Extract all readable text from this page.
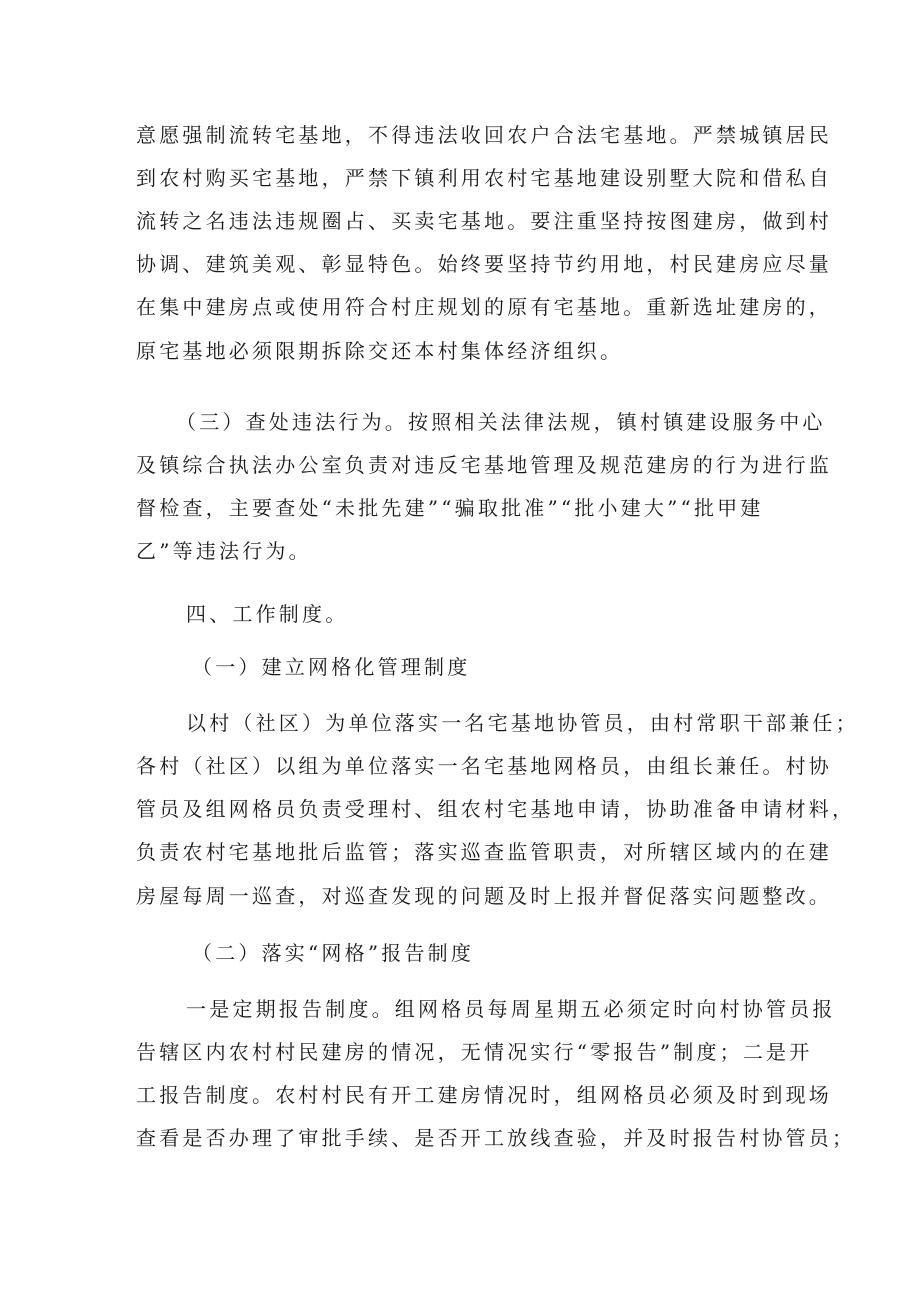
意愿强制流转宅基地，不得违法收回农户合法宅基地。严禁城镇居民
到农村购买宅基地，严禁下镇利用农村宅基地建设别墅大院和借私自
流转之名违法违规圈占、买卖宅基地。要注重坚持按图建房，做到村
协调、建筑美观、彰显特色。始终要坚持节约用地，村民建房应尽量
在集中建房点或使用符合村庄规划的原有宅基地。重新选址建房的，
原宅基地必须限期拆除交还本村集体经济组织。
（三）查处违法行为。按照相关法律法规，镇村镇建设服务中心
及镇综合执法办公室负责对违反宅基地管理及规范建房的行为进行监
督检查，主要查处“未批先建”“骗取批准”“批小建大”“批甲建
乙”等违法行为。
四、工作制度。
（一）建立网格化管理制度
以村（社区）为单位落实一名宅基地协管员，由村常职干部兼任；
各村（社区）以组为单位落实一名宅基地网格员，由组长兼任。村协
管员及组网格员负责受理村、组农村宅基地申请，协助准备申请材料，
负责农村宅基地批后监管；落实巡查监管职责，对所辖区域内的在建
房屋每周一巡查，对巡查发现的问题及时上报并督促落实问题整改。
（二）落实“网格”报告制度
一是定期报告制度。组网格员每周星期五必须定时向村协管员报
告辖区内农村村民建房的情况，无情况实行“零报告”制度；二是开
工报告制度。农村村民有开工建房情况时，组网格员必须及时到现场
查看是否办理了审批手续、是否开工放线查验，并及时报告村协管员；
